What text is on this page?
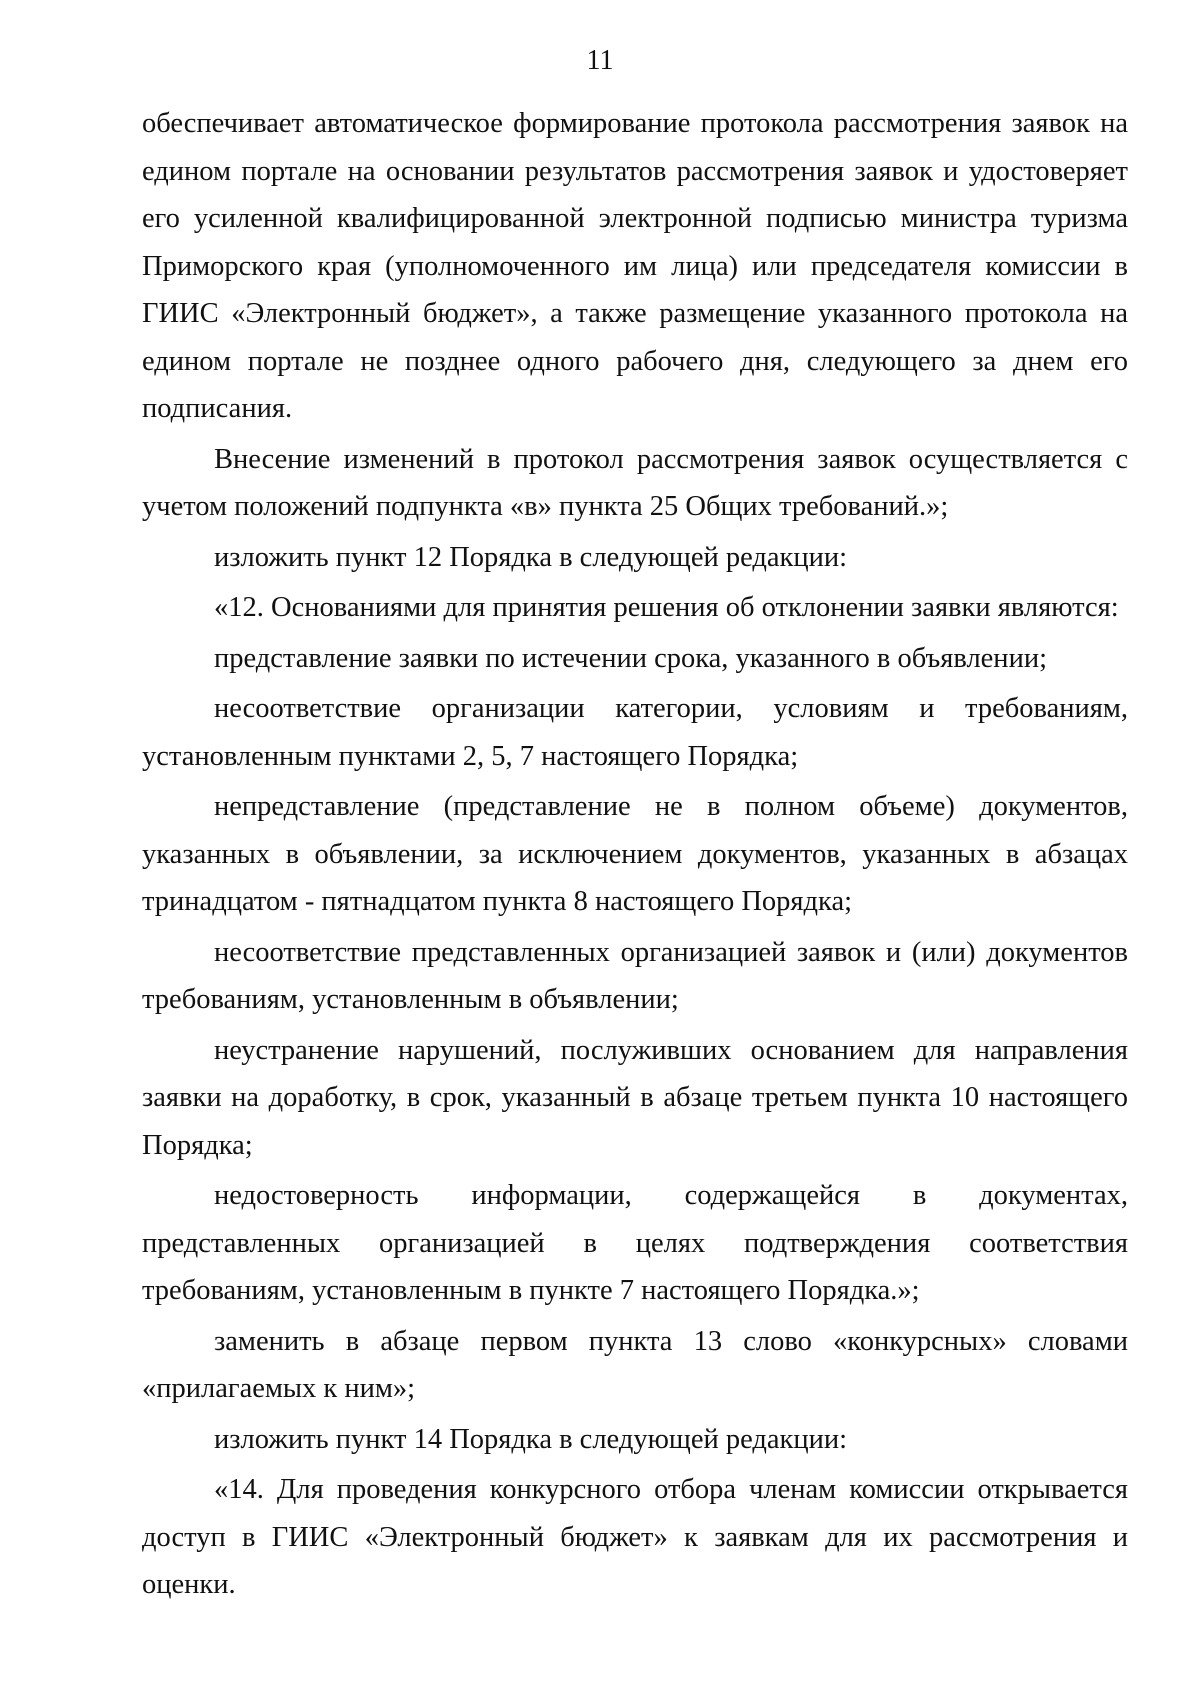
11

обеспечивает автоматическое формирование протокола рассмотрения заявок на едином портале на основании результатов рассмотрения заявок и удостоверяет его усиленной квалифицированной электронной подписью министра туризма Приморского края (уполномоченного им лица) или председателя комиссии в ГИИС «Электронный бюджет», а также размещение указанного протокола на едином портале не позднее одного рабочего дня, следующего за днем его подписания.

Внесение изменений в протокол рассмотрения заявок осуществляется с учетом положений подпункта «в» пункта 25 Общих требований.»;

изложить пункт 12 Порядка в следующей редакции:

«12. Основаниями для принятия решения об отклонении заявки являются:

представление заявки по истечении срока, указанного в объявлении;

несоответствие организации категории, условиям и требованиям, установленным пунктами 2, 5, 7 настоящего Порядка;

непредставление (представление не в полном объеме) документов, указанных в объявлении, за исключением документов, указанных в абзацах тринадцатом - пятнадцатом пункта 8 настоящего Порядка;

несоответствие представленных организацией заявок и (или) документов требованиям, установленным в объявлении;

неустранение нарушений, послуживших основанием для направления заявки на доработку, в срок, указанный в абзаце третьем пункта 10 настоящего Порядка;

недостоверность информации, содержащейся в документах, представленных организацией в целях подтверждения соответствия требованиям, установленным в пункте 7 настоящего Порядка.»;

заменить в абзаце первом пункта 13 слово «конкурсных» словами «прилагаемых к ним»;

изложить пункт 14 Порядка в следующей редакции:

«14. Для проведения конкурсного отбора членам комиссии открывается доступ в ГИИС «Электронный бюджет» к заявкам для их рассмотрения и оценки.
